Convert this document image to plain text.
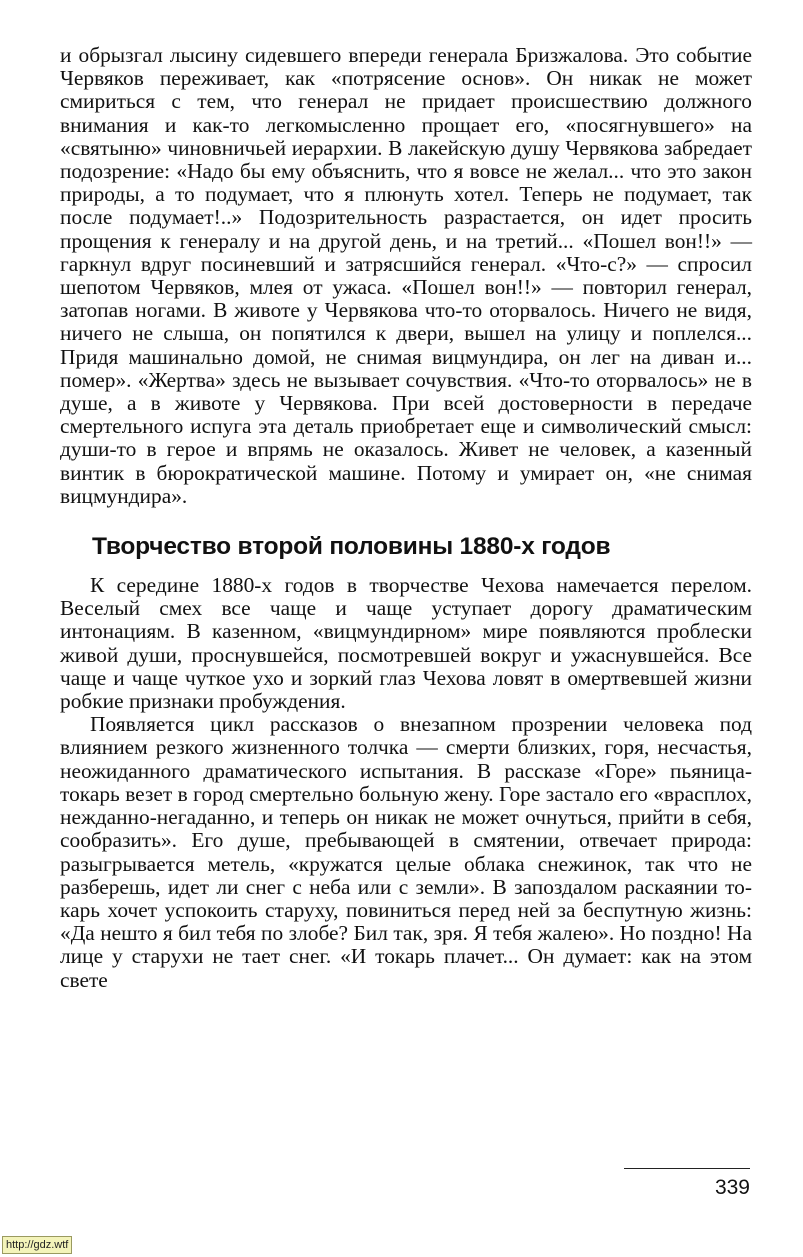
и обрызгал лысину сидевшего впереди генерала Бризжалова. Это событие Червяков переживает, как «потрясение основ». Он никак не может смириться с тем, что генерал не придает происшествию должного внимания и как-то легкомысленно прощает его, «посягнувшего» на «святыню» чиновничьей иерархии. В лакейскую душу Червякова забредает подозрение: «Надо бы ему объяснить, что я вовсе не желал... что это закон природы, а то подумает, что я плюнуть хотел. Теперь не подумает, так после подумает!..» Подозрительность разрастается, он идет просить прощения к генералу и на другой день, и на третий... «Пошел вон!!» — гаркнул вдруг посиневший и затрясшийся генерал. «Что-с?» — спросил шепотом Червяков, млея от ужаса. «Пошел вон!!» — повторил генерал, затопав ногами. В животе у Червякова что-то оторвалось. Ничего не видя, ничего не слыша, он попятился к двери, вышел на улицу и поплелся... Придя машинально домой, не снимая вицмундира, он лег на диван и... помер». «Жертва» здесь не вызывает сочувствия. «Что-то оторвалось» не в душе, а в животе у Червякова. При всей достоверности в передаче смертельного испуга эта деталь приобретает еще и символический смысл: души-то в герое и впрямь не оказалось. Живет не человек, а казенный винтик в бюрократической машине. Потому и умирает он, «не снимая вицмундира».

Творчество второй половины 1880-х годов

К середине 1880-х годов в творчестве Чехова намечается перелом. Веселый смех все чаще и чаще уступает дорогу драматическим интонациям. В казенном, «вицмундирном» мире появляются проблески живой души, проснувшейся, посмотревшей вокруг и ужаснувшейся. Все чаще и чаще чуткое ухо и зоркий глаз Чехова ловят в омертвевшей жизни робкие признаки пробуждения.

Появляется цикл рассказов о внезапном прозрении человека под влиянием резкого жизненного толчка — смерти близких, горя, несчастья, неожиданного драматического испытания. В рассказе «Горе» пьяница-токарь везет в город смертельно больную жену. Горе застало его «врасплох, нежданно-негаданно, и теперь он никак не может очнуться, прийти в себя, сообразить». Его душе, пребывающей в смятении, отвечает природа: разыгрывается метель, «кружатся целые облака снежинок, так что не разберешь, идет ли снег с неба или с земли». В запоздалом раскаянии токарь хочет успокоить старуху, повиниться перед ней за беспутную жизнь: «Да нешто я бил тебя по злобе? Бил так, зря. Я тебя жалею». Но поздно! На лице у старухи не тает снег. «И токарь плачет... Он думает: как на этом свете

339
http://gdz.wtf
